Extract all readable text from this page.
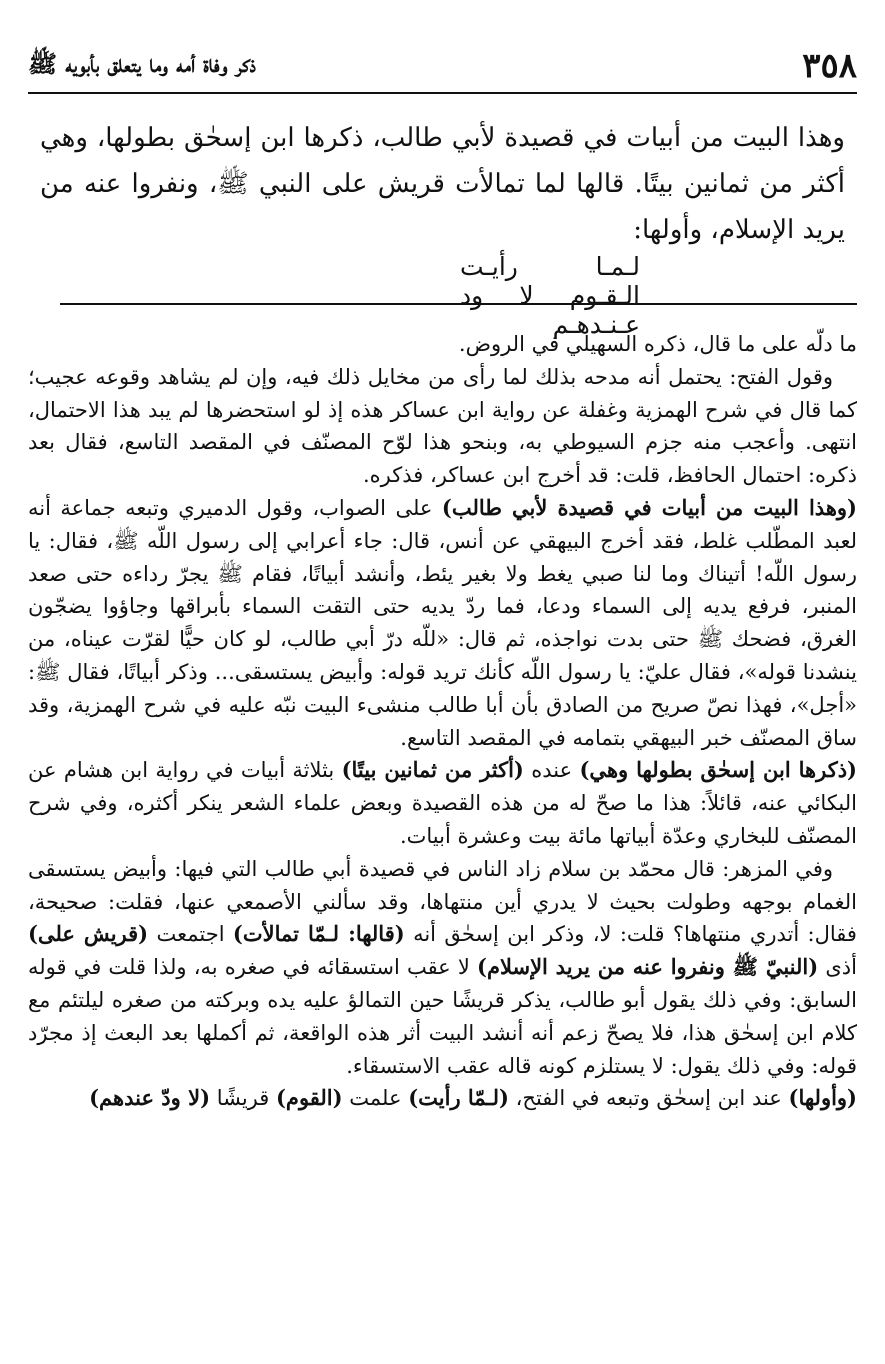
ذكر وفاة أمه وما يتعلق بأبويه ﷺ	٣٥٨

وهذا البيت من أبيات في قصيدة لأبي طالب، ذكرها ابن إسحٰق بطولها، وهي أكثر من ثمانين بيتًا. قالها لما تمالأت قريش على النبي ﷺ، ونفروا عنه من يريد الإسلام، وأولها:

لـمـا رأيـت الـقـوم لا ود عـنـدهـم

ما دلّه على ما قال، ذكره السهيلي في الروض.

وقول الفتح: يحتمل أنه مدحه بذلك لما رأى من مخايل ذلك فيه، وإن لم يشاهد وقوعه عجيب؛ كما قال في شرح الهمزية وغفلة عن رواية ابن عساكر هذه إذ لو استحضرها لم يبد هذا الاحتمال، انتهى. وأعجب منه جزم السيوطي به، وبنحو هذا لوّح المصنّف في المقصد التاسع، فقال بعد ذكره: احتمال الحافظ، قلت: قد أخرج ابن عساكر، فذكره.

(وهذا البيت من أبيات في قصيدة لأبي طالب) على الصواب، وقول الدميري وتبعه جماعة أنه لعبد المطّلب غلط، فقد أخرج البيهقي عن أنس، قال: جاء أعرابي إلى رسول اللّه ﷺ، فقال: يا رسول اللّه! أتيناك وما لنا صبي يغط ولا بغير يئط، وأنشد أبياتًا، فقام ﷺ يجرّ رداءه حتى صعد المنبر، فرفع يديه إلى السماء ودعا، فما ردّ يديه حتى التقت السماء بأبراقها وجاؤوا يضجّون الغرق، فضحك ﷺ حتى بدت نواجذه، ثم قال: «للّه درّ أبي طالب، لو كان حيًّا لقرّت عيناه، من ينشدنا قوله»، فقال عليّ: يا رسول اللّه كأنك تريد قوله: وأبيض يستسقى... وذكر أبياتًا، فقال ﷺ: «أجل»، فهذا نصّ صريح من الصادق بأن أبا طالب منشىء البيت نبّه عليه في شرح الهمزية، وقد ساق المصنّف خبر البيهقي بتمامه في المقصد التاسع.

(ذكرها ابن إسحٰق بطولها وهي) عنده (أكثر من ثمانين بيتًا) بثلاثة أبيات في رواية ابن هشام عن البكائي عنه، قائلاً: هذا ما صحّ له من هذه القصيدة وبعض علماء الشعر ينكر أكثره، وفي شرح المصنّف للبخاري وعدّة أبياتها مائة بيت وعشرة أبيات.

وفي المزهر: قال محمّد بن سلام زاد الناس في قصيدة أبي طالب التي فيها: وأبيض يستسقى الغمام بوجهه وطولت بحيث لا يدري أين منتهاها، وقد سألني الأصمعي عنها، فقلت: صحيحة، فقال: أتدري منتهاها؟ قلت: لا، وذكر ابن إسحٰق أنه (قالها: لـمّا تمالأت) اجتمعت (قريش على) أذى (النبيّ ﷺ ونفروا عنه من يريد الإسلام) لا عقب استسقائه في صغره به، ولذا قلت في قوله السابق: وفي ذلك يقول أبو طالب، يذكر قريشًا حين التمالؤ عليه يده وبركته من صغره ليلتئم مع كلام ابن إسحٰق هذا، فلا يصحّ زعم أنه أنشد البيت أثر هذه الواقعة، ثم أكملها بعد البعث إذ مجرّد قوله: وفي ذلك يقول: لا يستلزم كونه قاله عقب الاستسقاء.

(وأولها) عند ابن إسحٰق وتبعه في الفتح، (لـمّا رأيت) علمت (القوم) قريشًا (لا ودّ عندهم)
